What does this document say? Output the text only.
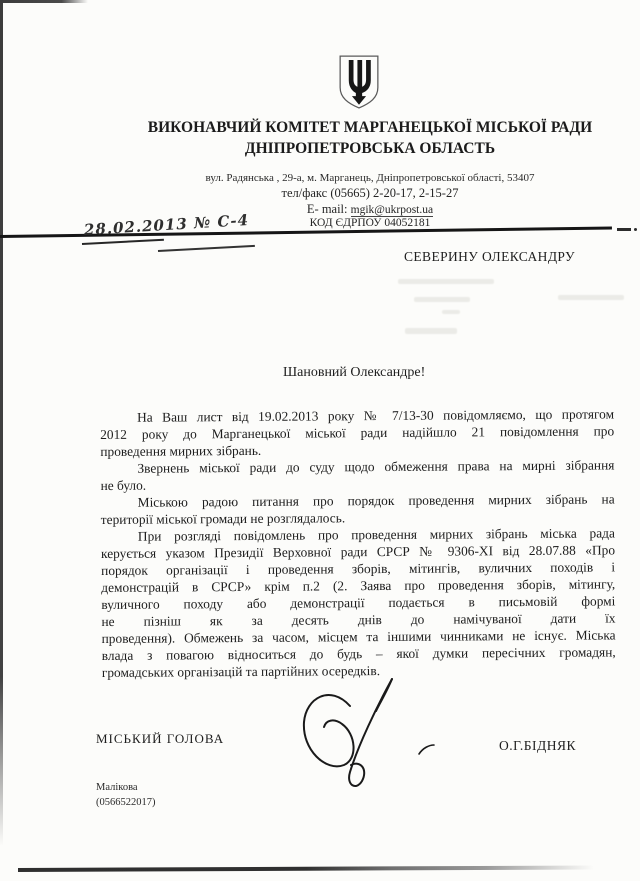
ВИКОНАВЧИЙ КОМІТЕТ МАРГАНЕЦЬКОЇ МІСЬКОЇ РАДИ
ДНІПРОПЕТРОВСЬКА ОБЛАСТЬ
вул. Радянська , 29-а, м. Марганець, Дніпропетровської області, 53407
тел/факс (05665) 2-20-17, 2-15-27
E- mail: mgik@ukrpost.ua
КОД ЄДРПОУ 04052181
28.02.2013 № С-4
СЕВЕРИНУ ОЛЕКСАНДРУ
Шановний Олександре!
На Ваш лист від 19.02.2013 року № 7/13-30 повідомляємо, що протягом
2012 року до Марганецької міської ради надійшло 21 повідомлення про
проведення мирних зібрань.
Звернень міської ради до суду щодо обмеження права на мирні зібрання
не було.
Міською радою питання про порядок проведення мирних зібрань на
території міської громади не розглядалось.
При розгляді повідомлень про проведення мирних зібрань міська рада
керується указом Президії Верховної ради СРСР № 9306-ХІ від 28.07.88 «Про
порядок організації і проведення зборів, мітингів, вуличних походів і
демонстрацій в СРСР» крім п.2 (2. Заява про проведення зборів, мітингу,
вуличного походу або демонстрації подається в письмовій формі
не пізніш як за десять днів до намічуваної дати їх
проведення). Обмежень за часом, місцем та іншими чинниками не існує. Міська
влада з повагою відноситься до будь – якої думки пересічних громадян,
громадських організацій та партійних осередків.
МІСЬКИЙ ГОЛОВА	О.Г.БІДНЯК
Малікова
(0566522017)
